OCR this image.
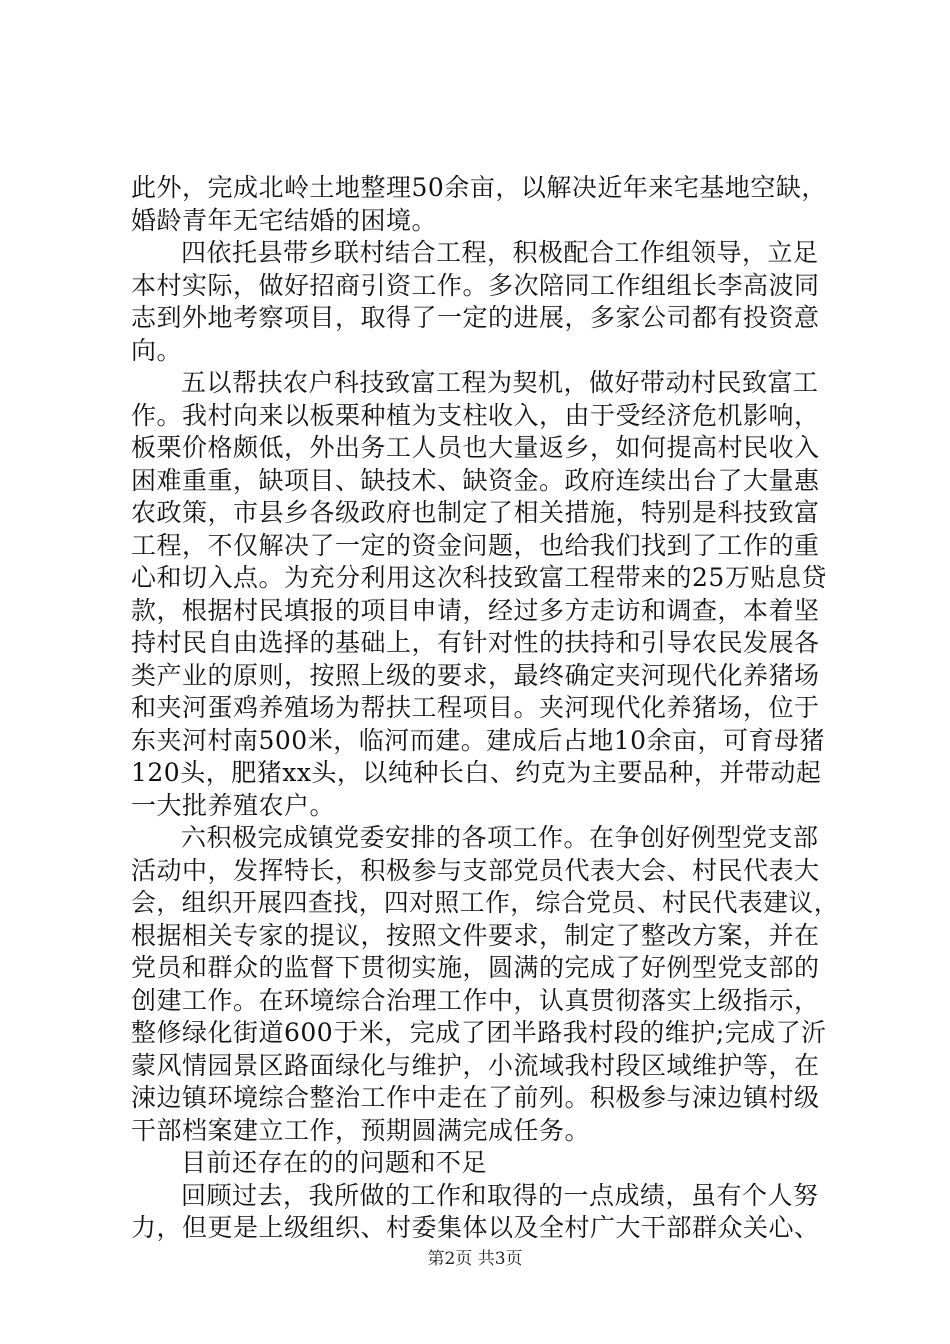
此外，完成北岭土地整理50余亩，以解决近年来宅基地空缺，
婚龄青年无宅结婚的困境。
四依托县带乡联村结合工程，积极配合工作组领导，立足
本村实际，做好招商引资工作。多次陪同工作组组长李高波同
志到外地考察项目，取得了一定的进展，多家公司都有投资意
向。
五以帮扶农户科技致富工程为契机，做好带动村民致富工
作。我村向来以板栗种植为支柱收入，由于受经济危机影响，
板栗价格颇低，外出务工人员也大量返乡，如何提高村民收入
困难重重，缺项目、缺技术、缺资金。政府连续出台了大量惠
农政策，市县乡各级政府也制定了相关措施，特别是科技致富
工程，不仅解决了一定的资金问题，也给我们找到了工作的重
心和切入点。为充分利用这次科技致富工程带来的25万贴息贷
款，根据村民填报的项目申请，经过多方走访和调查，本着坚
持村民自由选择的基础上，有针对性的扶持和引导农民发展各
类产业的原则，按照上级的要求，最终确定夹河现代化养猪场
和夹河蛋鸡养殖场为帮扶工程项目。夹河现代化养猪场，位于
东夹河村南500米，临河而建。建成后占地10余亩，可育母猪
120头，肥猪xx头，以纯种长白、约克为主要品种，并带动起
一大批养殖农户。
六积极完成镇党委安排的各项工作。在争创好例型党支部
活动中，发挥特长，积极参与支部党员代表大会、村民代表大
会，组织开展四查找，四对照工作，综合党员、村民代表建议，
根据相关专家的提议，按照文件要求，制定了整改方案，并在
党员和群众的监督下贯彻实施，圆满的完成了好例型党支部的
创建工作。在环境综合治理工作中，认真贯彻落实上级指示，
整修绿化街道600于米，完成了团半路我村段的维护;完成了沂
蒙风情园景区路面绿化与维护，小流域我村段区域维护等，在
涑边镇环境综合整治工作中走在了前列。积极参与涑边镇村级
干部档案建立工作，预期圆满完成任务。
目前还存在的的问题和不足
回顾过去，我所做的工作和取得的一点成绩，虽有个人努
力，但更是上级组织、村委集体以及全村广大干部群众关心、
第2页 共3页
